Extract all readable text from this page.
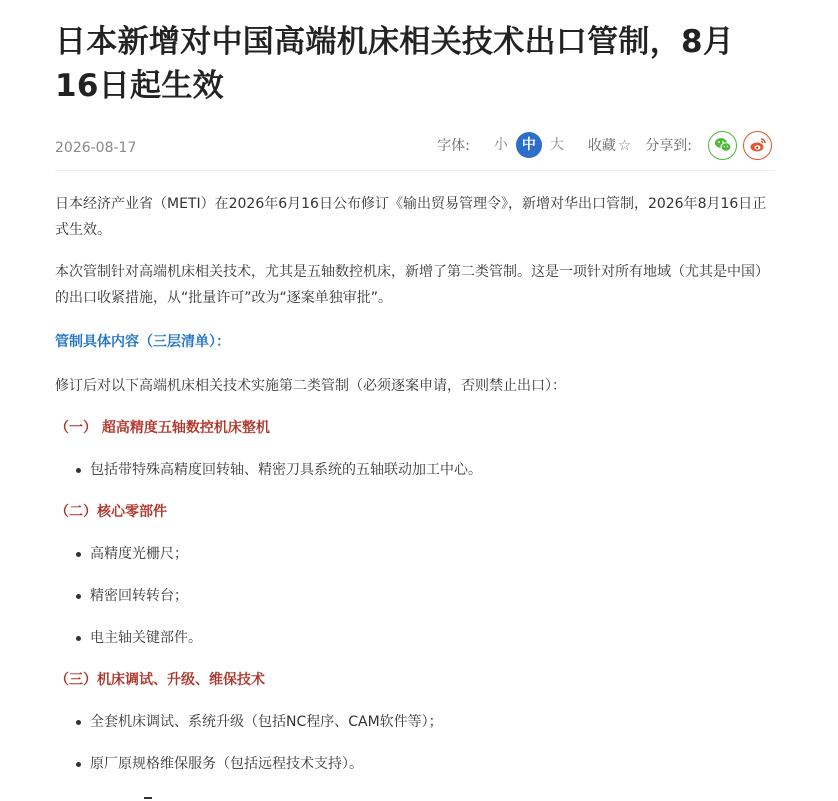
日本新增对中国高端机床相关技术出口管制，8月16日起生效
2026-08-17	字体:	小	中	大	收藏 ☆ 分享到:

日本经济产业省（METI）在2026年6月16日公布修订《输出贸易管理令》，新增对华出口管制，2026年8月16日正式生效。

本次管制针对高端机床相关技术，尤其是五轴数控机床，新增了第二类管制。这是一项针对所有地域（尤其是中国）的出口收紧措施，从“批量许可”改为“逐案单独审批”。

管制具体内容（三层清单）：

修订后对以下高端机床相关技术实施第二类管制（必须逐案申请，否则禁止出口）：

（一） 超高精度五轴数控机床整机

包括带特殊高精度回转轴、精密刀具系统的五轴联动加工中心。

（二）核心零部件

高精度光栅尺；
精密回转转台；
电主轴关键部件。

（三）机床调试、升级、维保技术

全套机床调试、系统升级（包括NC程序、CAM软件等）；
原厂原规格维保服务（包括远程技术支持）。
